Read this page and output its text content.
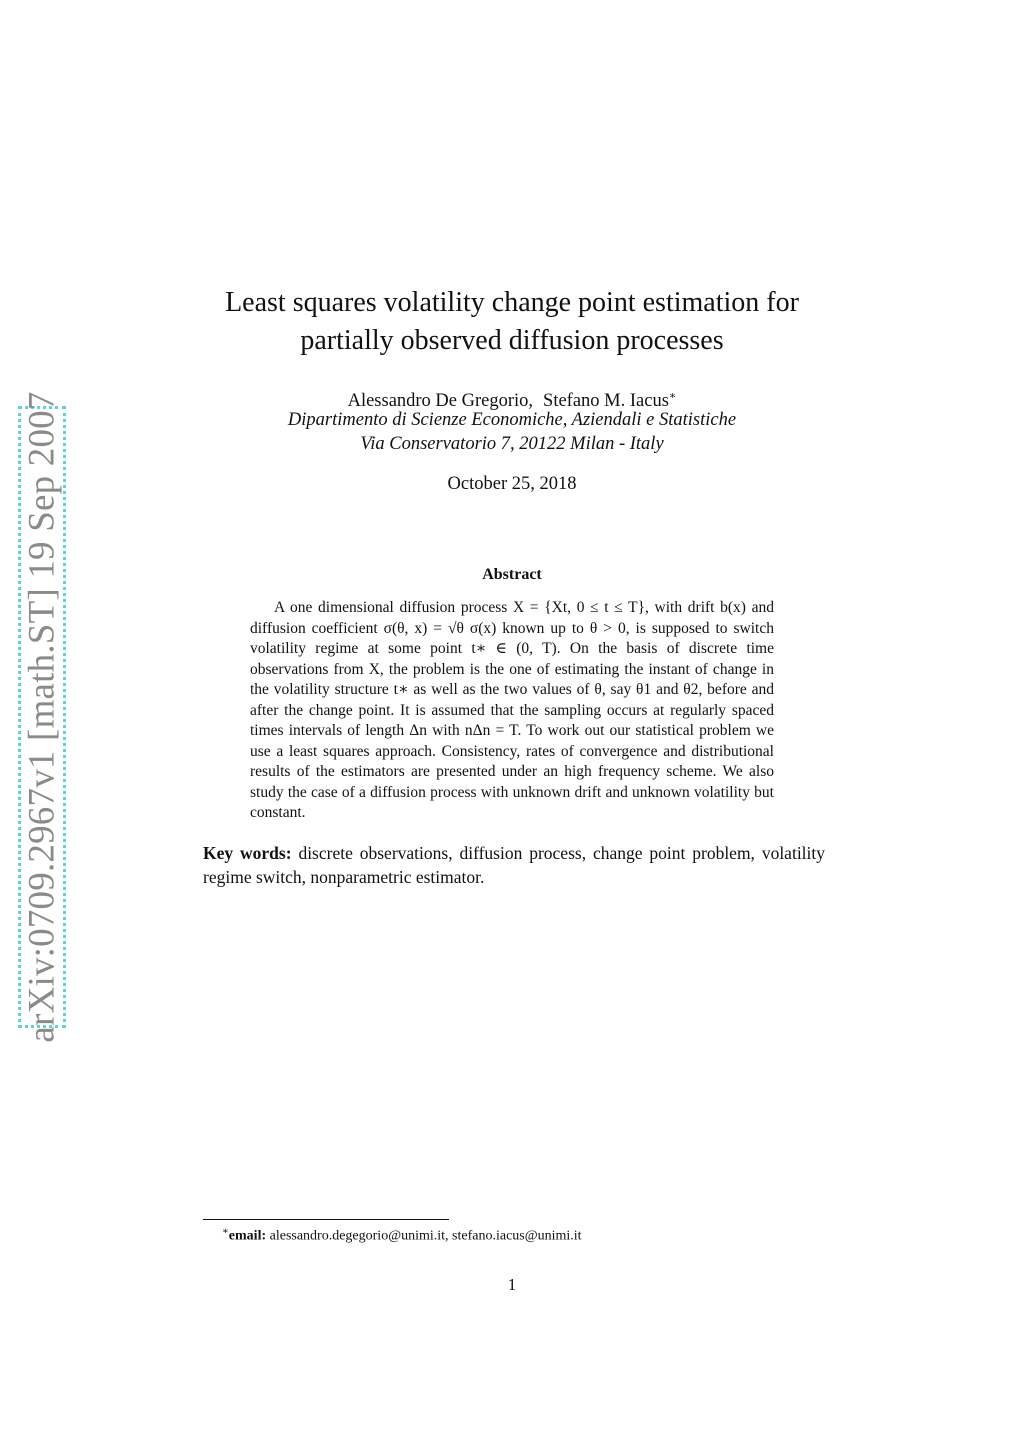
arXiv:0709.2967v1 [math.ST] 19 Sep 2007
Least squares volatility change point estimation for
partially observed diffusion processes
Alessandro De Gregorio, Stefano M. Iacus∗
Dipartimento di Scienze Economiche, Aziendali e Statistiche
Via Conservatorio 7, 20122 Milan - Italy
October 25, 2018
Abstract

A one dimensional diffusion process X = {Xt, 0 ≤ t ≤ T}, with drift b(x) and diffusion coefficient σ(θ, x) = √θ σ(x) known up to θ > 0, is supposed to switch volatility regime at some point t∗ ∈ (0, T). On the basis of discrete time observations from X, the problem is the one of estimating the instant of change in the volatility structure t∗ as well as the two values of θ, say θ1 and θ2, before and after the change point. It is assumed that the sampling occurs at regularly spaced times intervals of length Δn with nΔn = T. To work out our statistical problem we use a least squares approach. Consistency, rates of convergence and distributional results of the estimators are presented under an high frequency scheme. We also study the case of a diffusion process with unknown drift and unknown volatility but constant.

Key words: discrete observations, diffusion process, change point problem, volatility regime switch, nonparametric estimator.

∗email: alessandro.degegorio@unimi.it, stefano.iacus@unimi.it
1
